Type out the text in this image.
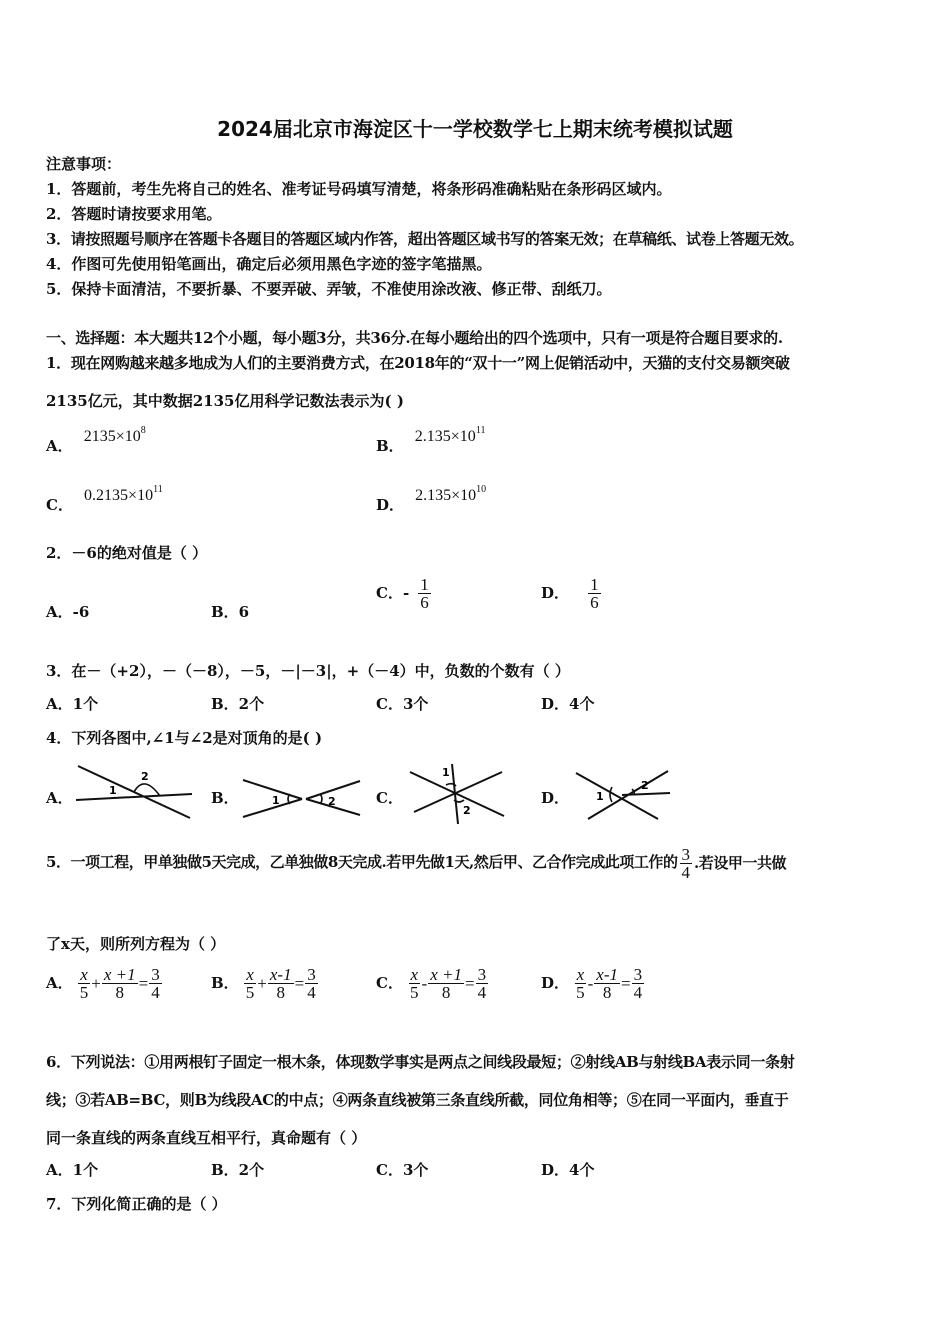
2024届北京市海淀区十一学校数学七上期末统考模拟试题
注意事项：
1．答题前，考生先将自己的姓名、准考证号码填写清楚，将条形码准确粘贴在条形码区域内。
2．答题时请按要求用笔。
3．请按照题号顺序在答题卡各题目的答题区域内作答，超出答题区域书写的答案无效；在草稿纸、试卷上答题无效。
4．作图可先使用铅笔画出，确定后必须用黑色字迹的签字笔描黑。
5．保持卡面清洁，不要折暴、不要弄破、弄皱，不准使用涂改液、修正带、刮纸刀。
一、选择题：本大题共12个小题，每小题3分，共36分.在每小题给出的四个选项中，只有一项是符合题目要求的.
1．现在网购越来越多地成为人们的主要消费方式，在2018年的“双十一”网上促销活动中，天猫的支付交易额突破
2135亿元，其中数据2135亿用科学记数法表示为( )
A． $2135\times 10^8$
B． $2.135\times 10^{11}$
C． $0.2135\times 10^{11}$
D． $2.135\times 10^{10}$
2．－6的绝对值是（ ）
A．-6	B．6
C．- $\frac{1}{6}$	D． $\frac{1}{6}$
3．在－（+2），－（－8），－5，－|－3|，+（－4）中，负数的个数有（ ）
A．1个	B．2个	C．3个	D．4个
4．下列各图中,∠1与∠2是对顶角的是( )
A．	1
2
B．	1	2	C．
1
2
D． 1
2
5．一项工程，甲单独做5天完成，乙单独做8天完成.若甲先做1天,然后甲、乙合作完成此项工作的 $\frac{3}{4}$ .若设甲一共做
了x天，则所列方程为（ ）
A． $\frac{x}{5} + \frac{x +1}{8} = \frac{3}{4}$	B． $\frac{x}{5} + \frac{x-1}{8} = \frac{3}{4}$	C． $\frac{x}{5} - \frac{x +1}{8} = \frac{3}{4}$	D． $\frac{x}{5} - \frac{x-1}{8} = \frac{3}{4}$
6．下列说法：①用两根钉子固定一根木条，体现数学事实是两点之间线段最短；②射线AB与射线BA表示同一条射
线；③若AB=BC，则B为线段AC的中点；④两条直线被第三条直线所截，同位角相等；⑤在同一平面内，垂直于
同一条直线的两条直线互相平行，真命题有（ ）
A．1个	B．2个	C．3个	D．4个
7．下列化简正确的是（ ）
